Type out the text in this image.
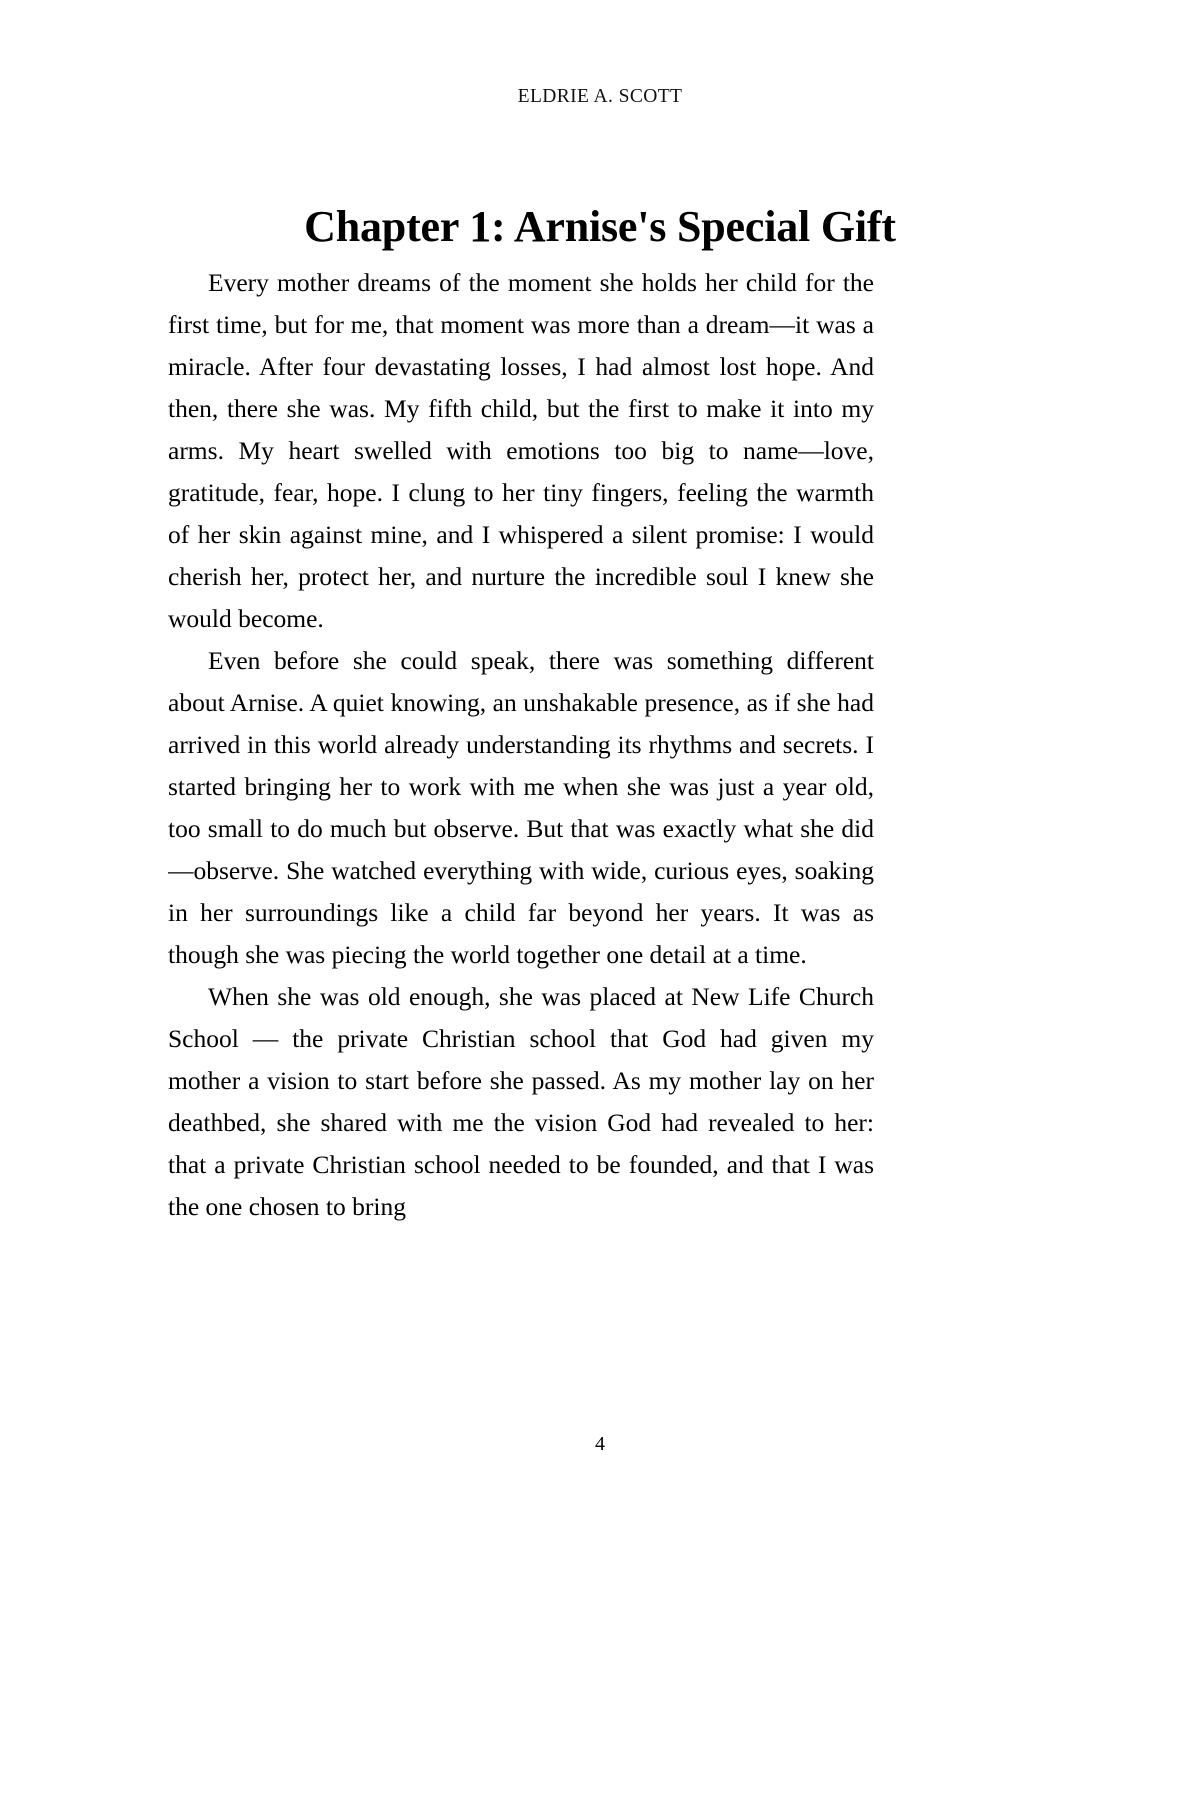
ELDRIE A. SCOTT
Chapter 1: Arnise's Special Gift

Every mother dreams of the moment she holds her child for the first time, but for me, that moment was more than a dream—it was a miracle. After four devastating losses, I had almost lost hope. And then, there she was. My fifth child, but the first to make it into my arms. My heart swelled with emotions too big to name—love, gratitude, fear, hope. I clung to her tiny fingers, feeling the warmth of her skin against mine, and I whispered a silent promise: I would cherish her, protect her, and nurture the incredible soul I knew she would become.

Even before she could speak, there was something different about Arnise. A quiet knowing, an unshakable presence, as if she had arrived in this world already understanding its rhythms and secrets. I started bringing her to work with me when she was just a year old, too small to do much but observe. But that was exactly what she did—observe. She watched everything with wide, curious eyes, soaking in her surroundings like a child far beyond her years. It was as though she was piecing the world together one detail at a time.

When she was old enough, she was placed at New Life Church School — the private Christian school that God had given my mother a vision to start before she passed. As my mother lay on her deathbed, she shared with me the vision God had revealed to her: that a private Christian school needed to be founded, and that I was the one chosen to bring

4
